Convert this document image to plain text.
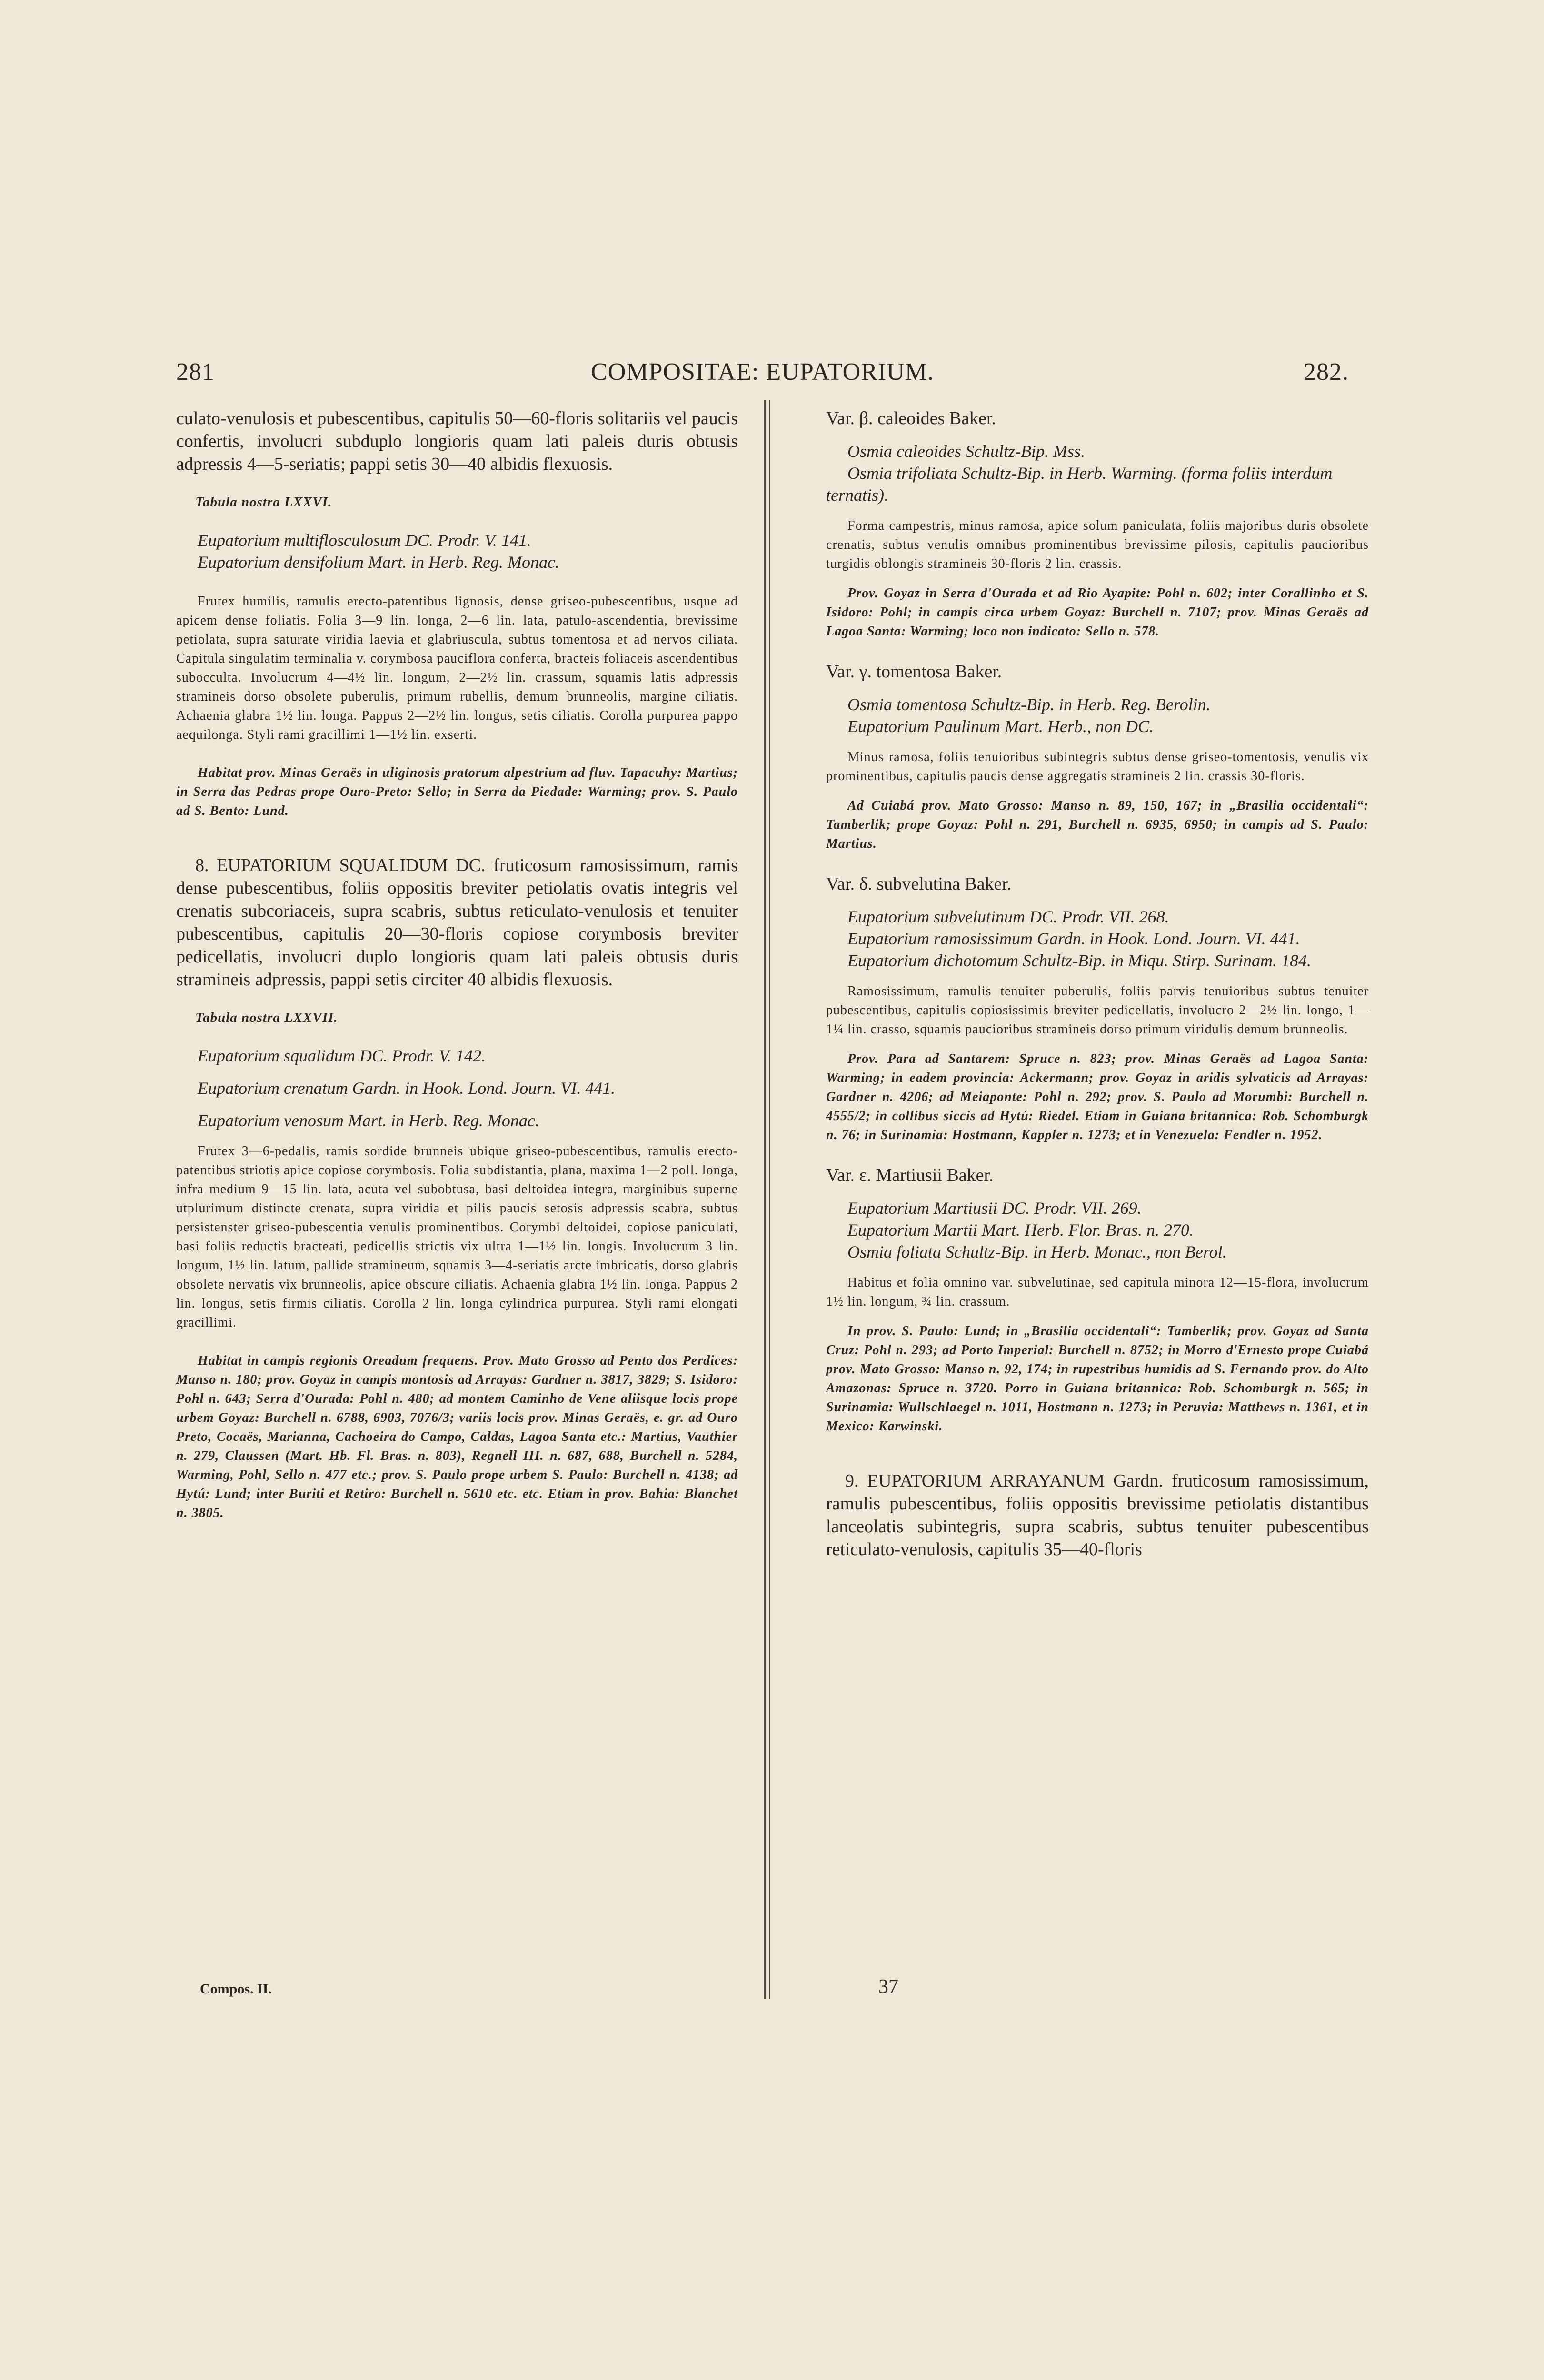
281	COMPOSITAE: EUPATORIUM.	282.

culato-venulosis et pubescentibus, capitulis 50—60-floris solitariis vel paucis confertis, involucri subduplo longioris quam lati paleis duris obtusis adpressis 4—5-seriatis; pappi setis 30—40 albidis flexuosis.

Tabula nostra LXXVI.

Eupatorium multiflosculosum DC. Prodr. V. 141.

Eupatorium densifolium Mart. in Herb. Reg. Monac.

Frutex humilis, ramulis erecto-patentibus lignosis, dense griseo-pubescentibus, usque ad apicem dense foliatis. Folia 3—9 lin. longa, 2—6 lin. lata, patulo-ascendentia, brevissime petiolata, supra saturate viridia laevia et glabriuscula, subtus tomentosa et ad nervos ciliata. Capitula singulatim terminalia v. corymbosa pauciflora conferta, bracteis foliaceis ascendentibus subocculta. Involucrum 4—4½ lin. longum, 2—2½ lin. crassum, squamis latis adpressis stramineis dorso obsolete puberulis, primum rubellis, demum brunneolis, margine ciliatis. Achaenia glabra 1½ lin. longa. Pappus 2—2½ lin. longus, setis ciliatis. Corolla purpurea pappo aequilonga. Styli rami gracillimi 1—1½ lin. exserti.

Habitat prov. Minas Geraës in uliginosis pratorum alpestrium ad fluv. Tapacuhy: Martius; in Serra das Pedras prope Ouro-Preto: Sello; in Serra da Piedade: Warming; prov. S. Paulo ad S. Bento: Lund.

8. EUPATORIUM SQUALIDUM DC. fruticosum ramosissimum, ramis dense pubescentibus, foliis oppositis breviter petiolatis ovatis integris vel crenatis subcoriaceis, supra scabris, subtus reticulato-venulosis et tenuiter pubescentibus, capitulis 20—30-floris copiose corymbosis breviter pedicellatis, involucri duplo longioris quam lati paleis obtusis duris stramineis adpressis, pappi setis circiter 40 albidis flexuosis.

Tabula nostra LXXVII.

Eupatorium squalidum DC. Prodr. V. 142.

Eupatorium crenatum Gardn. in Hook. Lond. Journ. VI. 441.

Eupatorium venosum Mart. in Herb. Reg. Monac.

Frutex 3—6-pedalis, ramis sordide brunneis ubique griseo-pubescentibus, ramulis erecto-patentibus striotis apice copiose corymbosis. Folia subdistantia, plana, maxima 1—2 poll. longa, infra medium 9—15 lin. lata, acuta vel subobtusa, basi deltoidea integra, marginibus superne utplurimum distincte crenata, supra viridia et pilis paucis setosis adpressis scabra, subtus persistenster griseo-pubescentia venulis prominentibus. Corymbi deltoidei, copiose paniculati, basi foliis reductis bracteati, pedicellis strictis vix ultra 1—1½ lin. longis. Involucrum 3 lin. longum, 1½ lin. latum, pallide stramineum, squamis 3—4-seriatis arcte imbricatis, dorso glabris obsolete nervatis vix brunneolis, apice obscure ciliatis. Achaenia glabra 1½ lin. longa. Pappus 2 lin. longus, setis firmis ciliatis. Corolla 2 lin. longa cylindrica purpurea. Styli rami elongati gracillimi.

Habitat in campis regionis Oreadum frequens. Prov. Mato Grosso ad Pento dos Perdices: Manso n. 180; prov. Goyaz in campis montosis ad Arrayas: Gardner n. 3817, 3829; S. Isidoro: Pohl n. 643; Serra d'Ourada: Pohl n. 480; ad montem Caminho de Vene aliisque locis prope urbem Goyaz: Burchell n. 6788, 6903, 7076/3; variis locis prov. Minas Geraës, e. gr. ad Ouro Preto, Cocaës, Marianna, Cachoeira do Campo, Caldas, Lagoa Santa etc.: Martius, Vauthier n. 279, Claussen (Mart. Hb. Fl. Bras. n. 803), Regnell III. n. 687, 688, Burchell n. 5284, Warming, Pohl, Sello n. 477 etc.; prov. S. Paulo prope urbem S. Paulo: Burchell n. 4138; ad Hytú: Lund; inter Buriti et Retiro: Burchell n. 5610 etc. etc. Etiam in prov. Bahia: Blanchet n. 3805.

Compos. II.

Var. β. caleoides Baker.

Osmia caleoides Schultz-Bip. Mss.

Osmia trifoliata Schultz-Bip. in Herb. Warming. (forma foliis interdum ternatis).

Forma campestris, minus ramosa, apice solum paniculata, foliis majoribus duris obsolete crenatis, subtus venulis omnibus prominentibus brevissime pilosis, capitulis paucioribus turgidis oblongis stramineis 30-floris 2 lin. crassis.

Prov. Goyaz in Serra d'Ourada et ad Rio Ayapite: Pohl n. 602; inter Corallinho et S. Isidoro: Pohl; in campis circa urbem Goyaz: Burchell n. 7107; prov. Minas Geraës ad Lagoa Santa: Warming; loco non indicato: Sello n. 578.

Var. γ. tomentosa Baker.

Osmia tomentosa Schultz-Bip. in Herb. Reg. Berolin.

Eupatorium Paulinum Mart. Herb., non DC.

Minus ramosa, foliis tenuioribus subintegris subtus dense griseo-tomentosis, venulis vix prominentibus, capitulis paucis dense aggregatis stramineis 2 lin. crassis 30-floris.

Ad Cuiabá prov. Mato Grosso: Manso n. 89, 150, 167; in „Brasilia occidentali“: Tamberlik; prope Goyaz: Pohl n. 291, Burchell n. 6935, 6950; in campis ad S. Paulo: Martius.

Var. δ. subvelutina Baker.

Eupatorium subvelutinum DC. Prodr. VII. 268.

Eupatorium ramosissimum Gardn. in Hook. Lond. Journ. VI. 441.

Eupatorium dichotomum Schultz-Bip. in Miqu. Stirp. Surinam. 184.

Ramosissimum, ramulis tenuiter puberulis, foliis parvis tenuioribus subtus tenuiter pubescentibus, capitulis copiosissimis breviter pedicellatis, involucro 2—2½ lin. longo, 1—1¼ lin. crasso, squamis paucioribus stramineis dorso primum viridulis demum brunneolis.

Prov. Para ad Santarem: Spruce n. 823; prov. Minas Geraës ad Lagoa Santa: Warming; in eadem provincia: Ackermann; prov. Goyaz in aridis sylvaticis ad Arrayas: Gardner n. 4206; ad Meiaponte: Pohl n. 292; prov. S. Paulo ad Morumbi: Burchell n. 4555/2; in collibus siccis ad Hytú: Riedel. Etiam in Guiana britannica: Rob. Schomburgk n. 76; in Surinamia: Hostmann, Kappler n. 1273; et in Venezuela: Fendler n. 1952.

Var. ε. Martiusii Baker.

Eupatorium Martiusii DC. Prodr. VII. 269.

Eupatorium Martii Mart. Herb. Flor. Bras. n. 270.

Osmia foliata Schultz-Bip. in Herb. Monac., non Berol.

Habitus et folia omnino var. subvelutinae, sed capitula minora 12—15-flora, involucrum 1½ lin. longum, ¾ lin. crassum.

In prov. S. Paulo: Lund; in „Brasilia occidentali“: Tamberlik; prov. Goyaz ad Santa Cruz: Pohl n. 293; ad Porto Imperial: Burchell n. 8752; in Morro d'Ernesto prope Cuiabá prov. Mato Grosso: Manso n. 92, 174; in rupestribus humidis ad S. Fernando prov. do Alto Amazonas: Spruce n. 3720. Porro in Guiana britannica: Rob. Schomburgk n. 565; in Surinamia: Wullschlaegel n. 1011, Hostmann n. 1273; in Peruvia: Matthews n. 1361, et in Mexico: Karwinski.

9. EUPATORIUM ARRAYANUM Gardn. fruticosum ramosissimum, ramulis pubescentibus, foliis oppositis brevissime petiolatis distantibus lanceolatis subintegris, supra scabris, subtus tenuiter pubescentibus reticulato-venulosis, capitulis 35—40-floris

37
